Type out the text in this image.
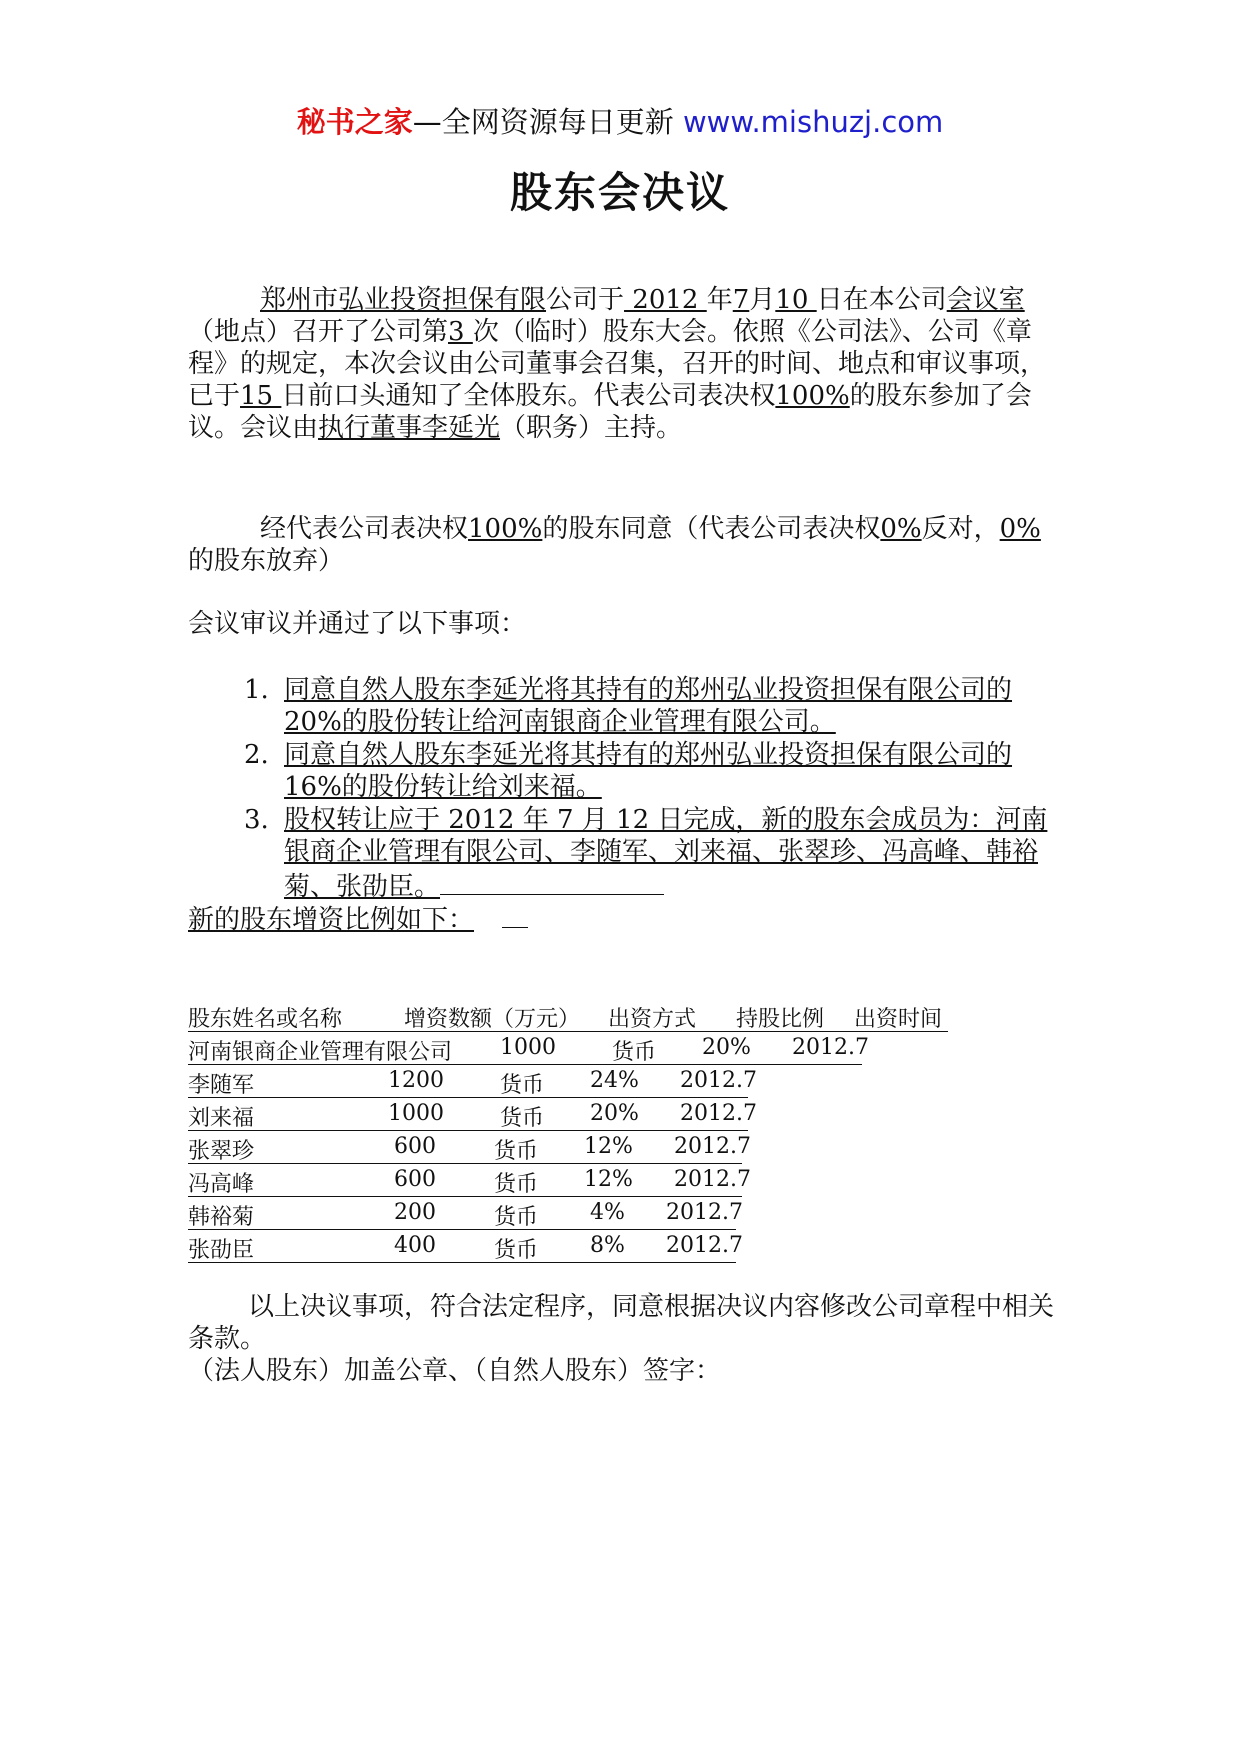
秘书之家—全网资源每日更新 www.mishuzj.com
股东会决议
郑州市弘业投资担保有限公司于 2012 年7月10 日在本公司会议室（地点）召开了公司第3 次（临时）股东大会。依照《公司法》、公司《章程》的规定，本次会议由公司董事会召集，召开的时间、地点和审议事项，已于15 日前口头通知了全体股东。代表公司表决权100%的股东参加了会议。会议由执行董事李延光（职务）主持。
经代表公司表决权100%的股东同意（代表公司表决权0%反对，0%的股东放弃）
会议审议并通过了以下事项：
1. 同意自然人股东李延光将其持有的郑州弘业投资担保有限公司的 20%的股份转让给河南银商企业管理有限公司。
2. 同意自然人股东李延光将其持有的郑州弘业投资担保有限公司的 16%的股份转让给刘来福。
3. 股权转让应于 2012 年 7 月 12 日完成，新的股东会成员为：河南银商企业管理有限公司、李随军、刘来福、张翠珍、冯高峰、韩裕菊、张劭臣。
新的股东增资比例如下：
股东姓名或名称	增资数额（万元） 出资方式 持股比例 出资时间
河南银商企业管理有限公司 1000	货币 20% 2012.7
李随军	1200	货币 24% 2012.7
刘来福	1000	货币 20% 2012.7
张翠珍	600	货币 12% 2012.7
冯高峰	600	货币 12% 2012.7
韩裕菊	200	货币 4% 2012.7
张劭臣	400	货币 8% 2012.7
以上决议事项，符合法定程序，同意根据决议内容修改公司章程中相关条款。
（法人股东）加盖公章、（自然人股东）签字：
